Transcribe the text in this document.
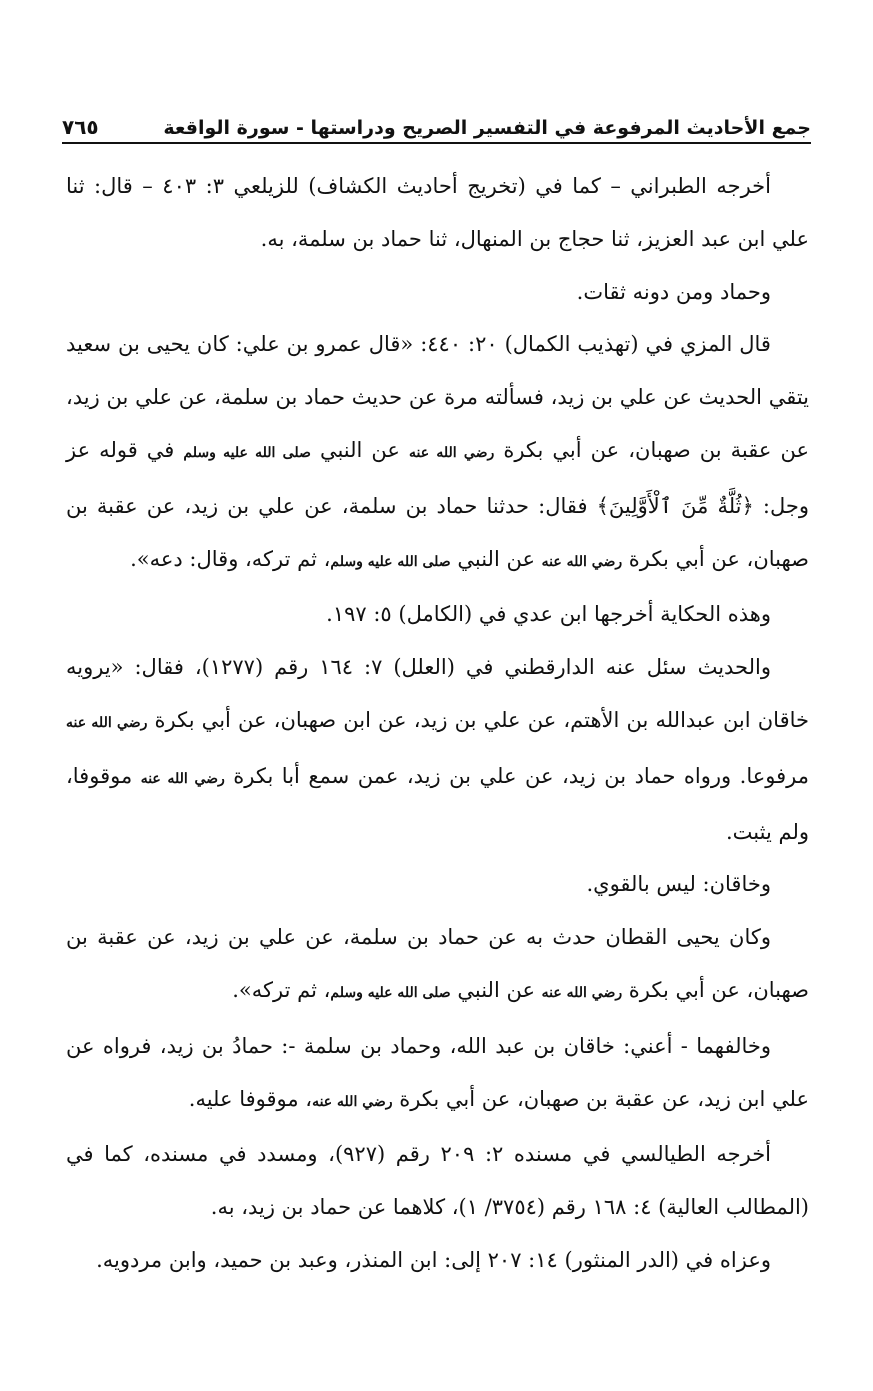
جمع الأحاديث المرفوعة في التفسير الصريح ودراستها - سورة الواقعة
٧٦٥

أخرجه الطبراني – كما في (تخريج أحاديث الكشاف) للزيلعي ٣: ٤٠٣ – قال: ثنا علي ابن عبد العزيز، ثنا حجاج بن المنهال، ثنا حماد بن سلمة، به.

وحماد ومن دونه ثقات.

قال المزي في (تهذيب الكمال) ٢٠: ٤٤٠: «قال عمرو بن علي: كان يحيى بن سعيد يتقي الحديث عن علي بن زيد، فسألته مرة عن حديث حماد بن سلمة، عن علي بن زيد، عن عقبة بن صهبان، عن أبي بكرة رضي الله عنه عن النبي صلى الله عليه وسلم في قوله عز وجل: ﴿ثُلَّةٌ مِّنَ ٱلْأَوَّلِينَ﴾ فقال: حدثنا حماد بن سلمة، عن علي بن زيد، عن عقبة بن صهبان، عن أبي بكرة رضي الله عنه عن النبي صلى الله عليه وسلم، ثم تركه، وقال: دعه».

وهذه الحكاية أخرجها ابن عدي في (الكامل) ٥: ١٩٧.

والحديث سئل عنه الدارقطني في (العلل) ٧: ١٦٤ رقم (١٢٧٧)، فقال: «يرويه خاقان ابن عبدالله بن الأهتم، عن علي بن زيد، عن ابن صهبان، عن أبي بكرة رضي الله عنه مرفوعا. ورواه حماد بن زيد، عن علي بن زيد، عمن سمع أبا بكرة رضي الله عنه موقوفا، ولم يثبت.

وخاقان: ليس بالقوي.

وكان يحيى القطان حدث به عن حماد بن سلمة، عن علي بن زيد، عن عقبة بن صهبان، عن أبي بكرة رضي الله عنه عن النبي صلى الله عليه وسلم، ثم تركه».

وخالفهما - أعني: خاقان بن عبد الله، وحماد بن سلمة -: حمادُ بن زيد، فرواه عن علي ابن زيد، عن عقبة بن صهبان، عن أبي بكرة رضي الله عنه، موقوفا عليه.

أخرجه الطيالسي في مسنده ٢: ٢٠٩ رقم (٩٢٧)، ومسدد في مسنده، كما في (المطالب العالية) ٤: ١٦٨ رقم (٣٧٥٤/ ١)، كلاهما عن حماد بن زيد، به.

وعزاه في (الدر المنثور) ١٤: ٢٠٧ إلى: ابن المنذر، وعبد بن حميد، وابن مردويه.
